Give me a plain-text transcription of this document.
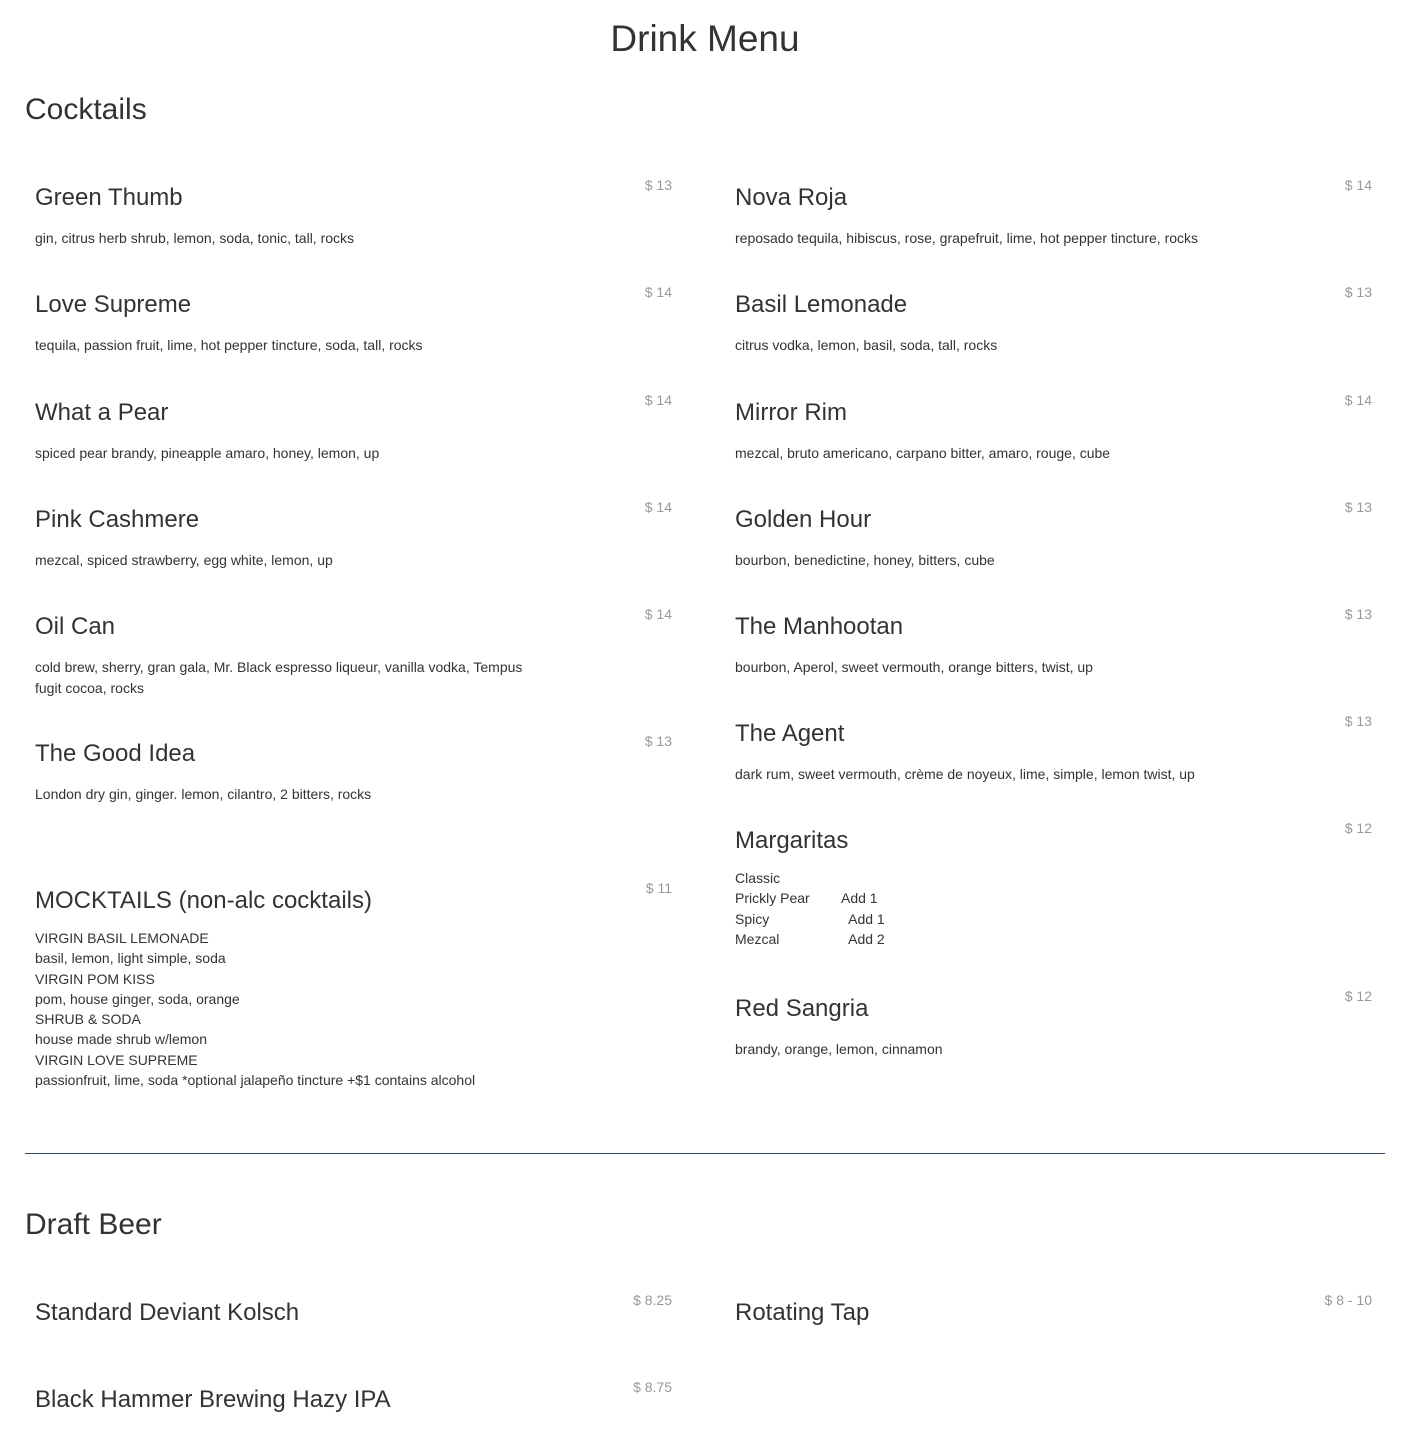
Drink Menu
Cocktails
Green Thumb	$ 13
gin, citrus herb shrub, lemon, soda, tonic, tall, rocks
Love Supreme	$ 14
tequila, passion fruit, lime, hot pepper tincture, soda, tall, rocks
What a Pear	$ 14
spiced pear brandy, pineapple amaro, honey, lemon, up
Pink Cashmere	$ 14
mezcal, spiced strawberry, egg white, lemon, up
Oil Can	$ 14
cold brew, sherry, gran gala, Mr. Black espresso liqueur, vanilla vodka, Tempus fugit cocoa, rocks
The Good Idea	$ 13
London dry gin, ginger. lemon, cilantro, 2 bitters, rocks
MOCKTAILS (non-alc cocktails)	$ 11
VIRGIN BASIL LEMONADE
basil, lemon, light simple, soda
VIRGIN POM KISS
pom, house ginger, soda, orange
SHRUB & SODA
house made shrub w/lemon
VIRGIN LOVE SUPREME
passionfruit, lime, soda *optional jalapeño tincture +$1 contains alcohol
Nova Roja	$ 14
reposado tequila, hibiscus, rose, grapefruit, lime, hot pepper tincture, rocks
Basil Lemonade	$ 13
citrus vodka, lemon, basil, soda, tall, rocks
Mirror Rim	$ 14
mezcal, bruto americano, carpano bitter, amaro, rouge, cube
Golden Hour	$ 13
bourbon, benedictine, honey, bitters, cube
The Manhootan	$ 13
bourbon, Aperol, sweet vermouth, orange bitters, twist, up
The Agent	$ 13
dark rum, sweet vermouth, crème de noyeux, lime, simple, lemon twist, up
Margaritas	$ 12
Classic
Prickly Pear Add 1
Spicy	Add 1
Mezcal	Add 2
Red Sangria	$ 12
brandy, orange, lemon, cinnamon
Draft Beer
Standard Deviant Kolsch	$ 8.25	Rotating Tap	$ 8 - 10
Black Hammer Brewing Hazy IPA	$ 8.75
